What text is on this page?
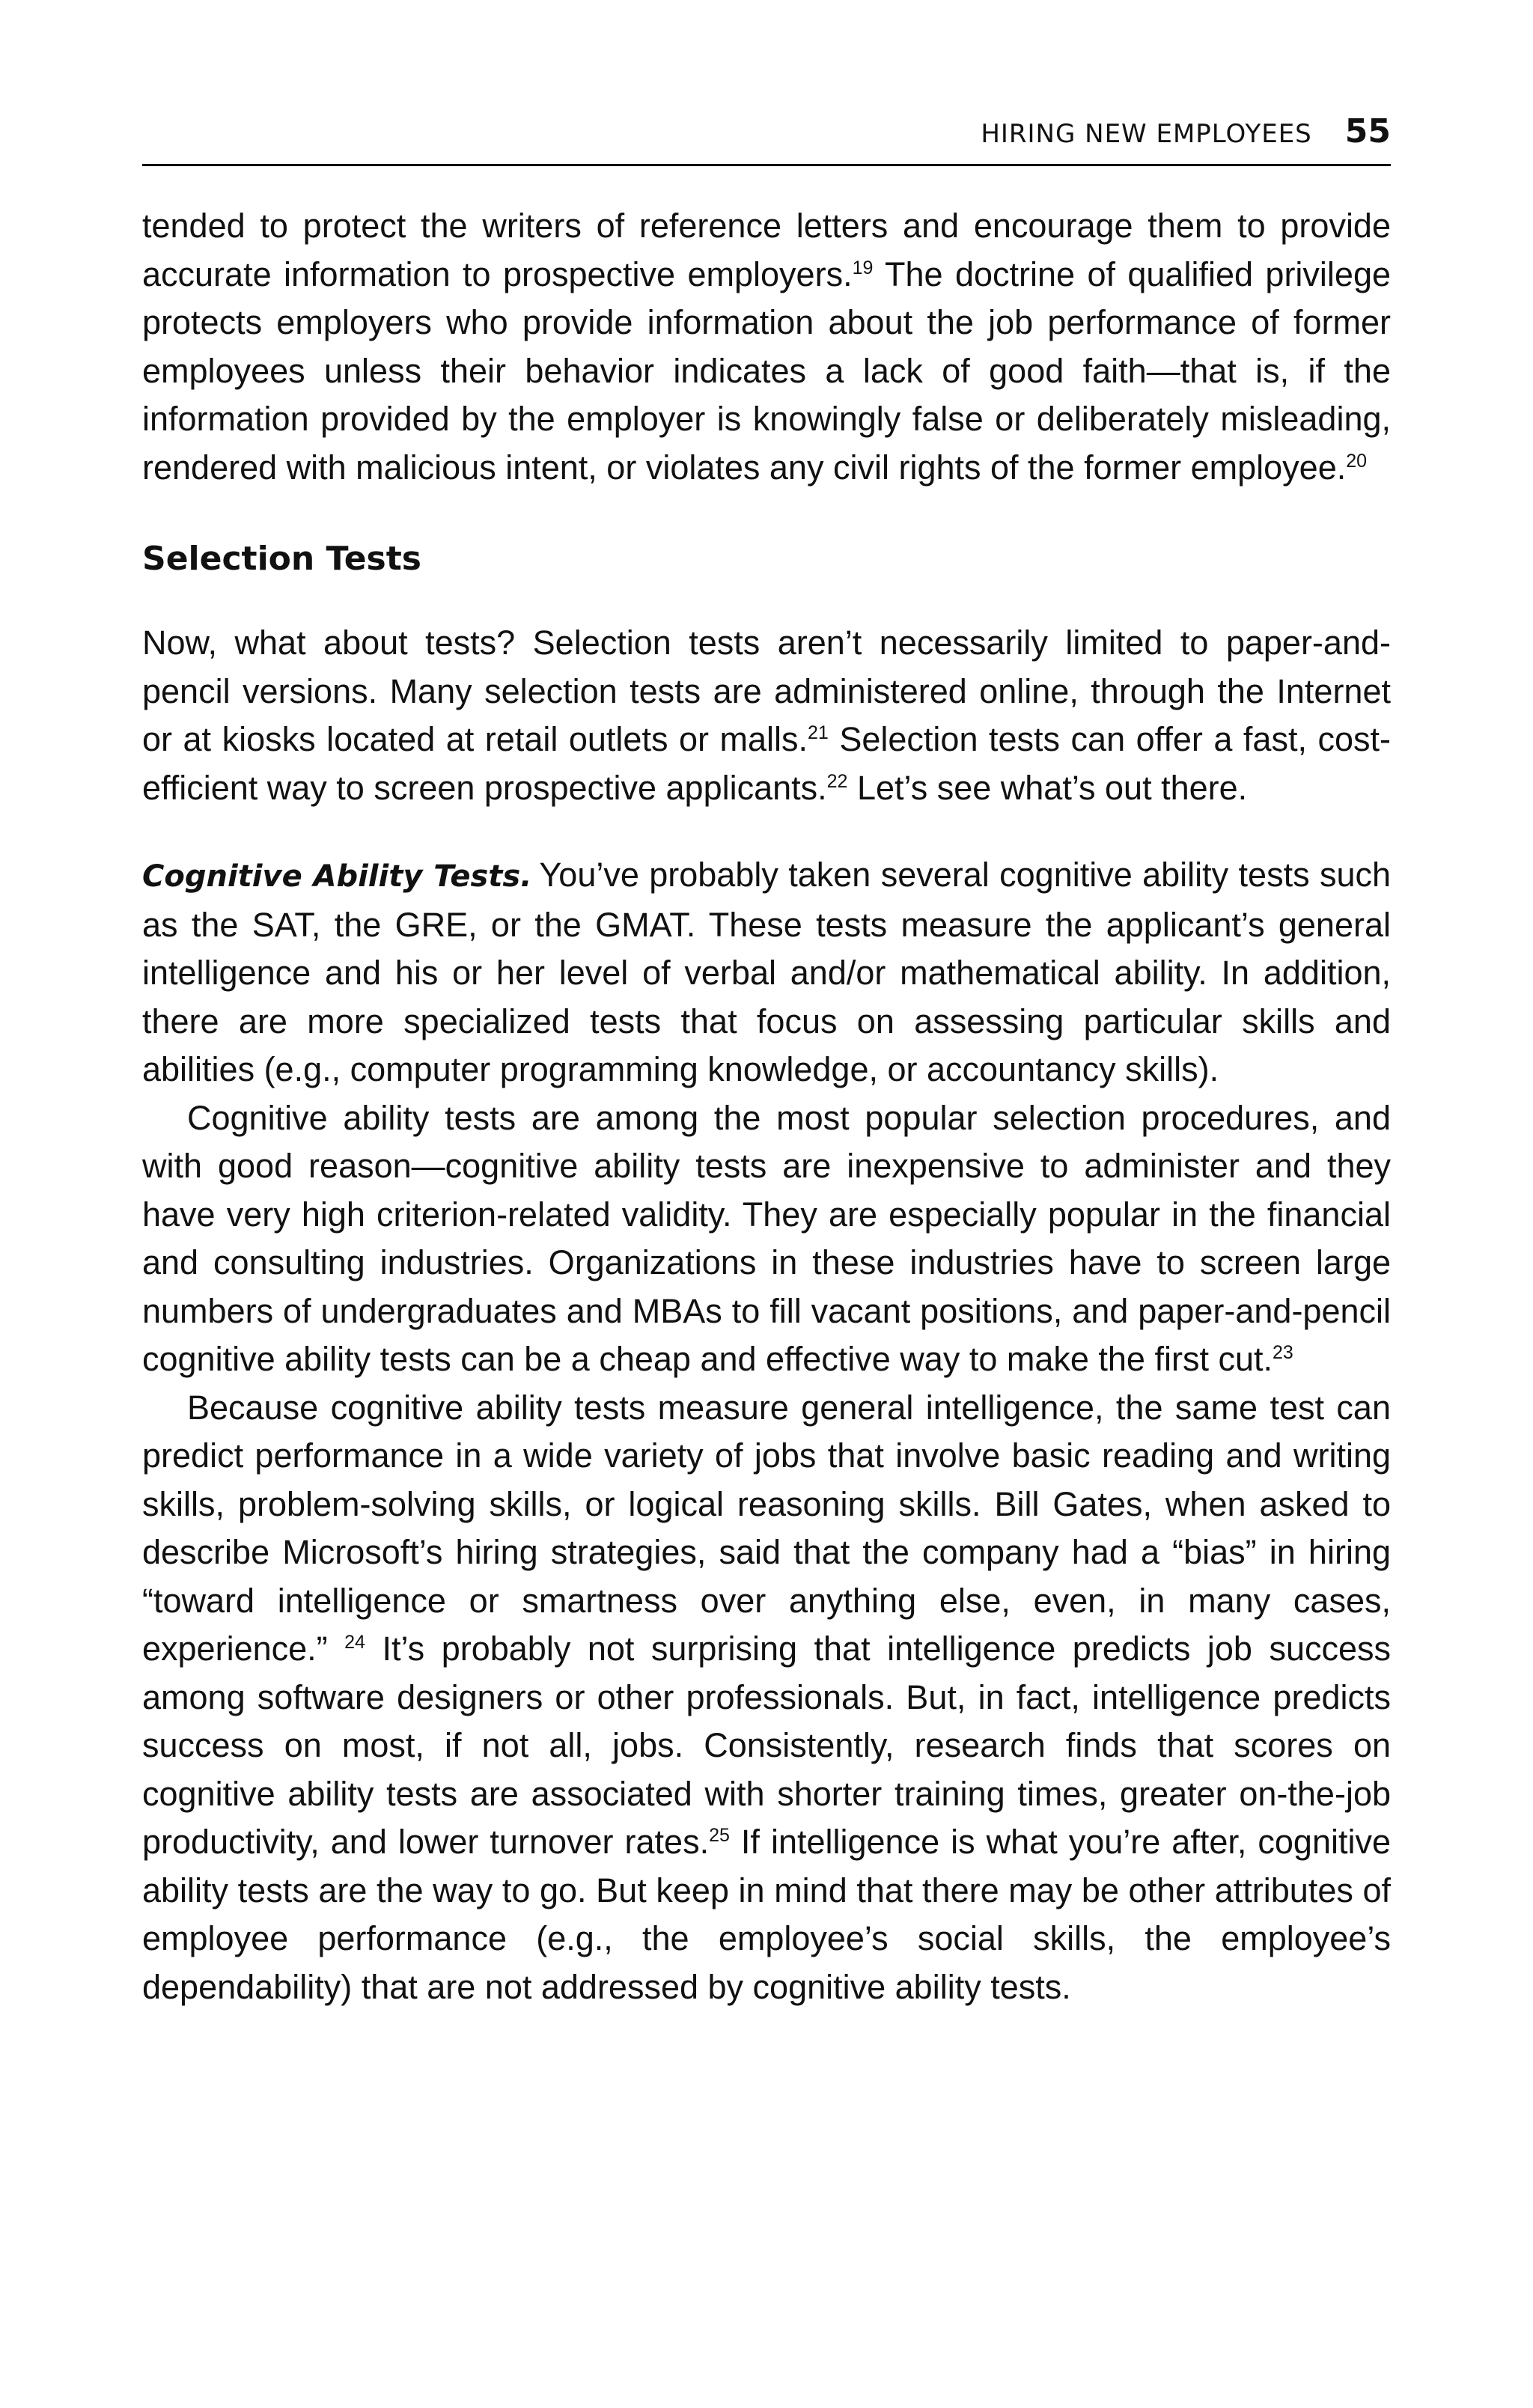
HIRING NEW EMPLOYEES 55

tended to protect the writers of reference letters and encourage them to provide accurate information to prospective employers.$^{19}$ The doctrine of qualified privilege protects employers who provide information about the job performance of former employees unless their behavior indicates a lack of good faith—that is, if the information provided by the employer is knowingly false or deliberately misleading, rendered with malicious intent, or violates any civil rights of the former employee.$^{20}$

Selection Tests

Now, what about tests? Selection tests aren’t necessarily limited to paper-and-pencil versions. Many selection tests are administered online, through the Internet or at kiosks located at retail outlets or malls.$^{21}$ Selection tests can offer a fast, cost-efficient way to screen prospective applicants.$^{22}$ Let’s see what’s out there.

Cognitive Ability Tests. You’ve probably taken several cognitive ability tests such as the SAT, the GRE, or the GMAT. These tests measure the applicant’s general intelligence and his or her level of verbal and/or mathematical ability. In addition, there are more specialized tests that focus on assessing particular skills and abilities (e.g., computer programming knowledge, or accountancy skills).

Cognitive ability tests are among the most popular selection procedures, and with good reason—cognitive ability tests are inexpensive to administer and they have very high criterion-related validity. They are especially popular in the financial and consulting industries. Organizations in these industries have to screen large numbers of undergraduates and MBAs to fill vacant positions, and paper-and-pencil cognitive ability tests can be a cheap and effective way to make the first cut.$^{23}$

Because cognitive ability tests measure general intelligence, the same test can predict performance in a wide variety of jobs that involve basic reading and writing skills, problem-solving skills, or logical reasoning skills. Bill Gates, when asked to describe Microsoft’s hiring strategies, said that the company had a “bias” in hiring “toward intelligence or smartness over anything else, even, in many cases, experience.” $^{24}$ It’s probably not surprising that intelligence predicts job success among software designers or other professionals. But, in fact, intelligence predicts success on most, if not all, jobs. Consistently, research finds that scores on cognitive ability tests are associated with shorter training times, greater on-the-job productivity, and lower turnover rates.$^{25}$ If intelligence is what you’re after, cognitive ability tests are the way to go. But keep in mind that there may be other attributes of employee performance (e.g., the employee’s social skills, the employee’s dependability) that are not addressed by cognitive ability tests.
